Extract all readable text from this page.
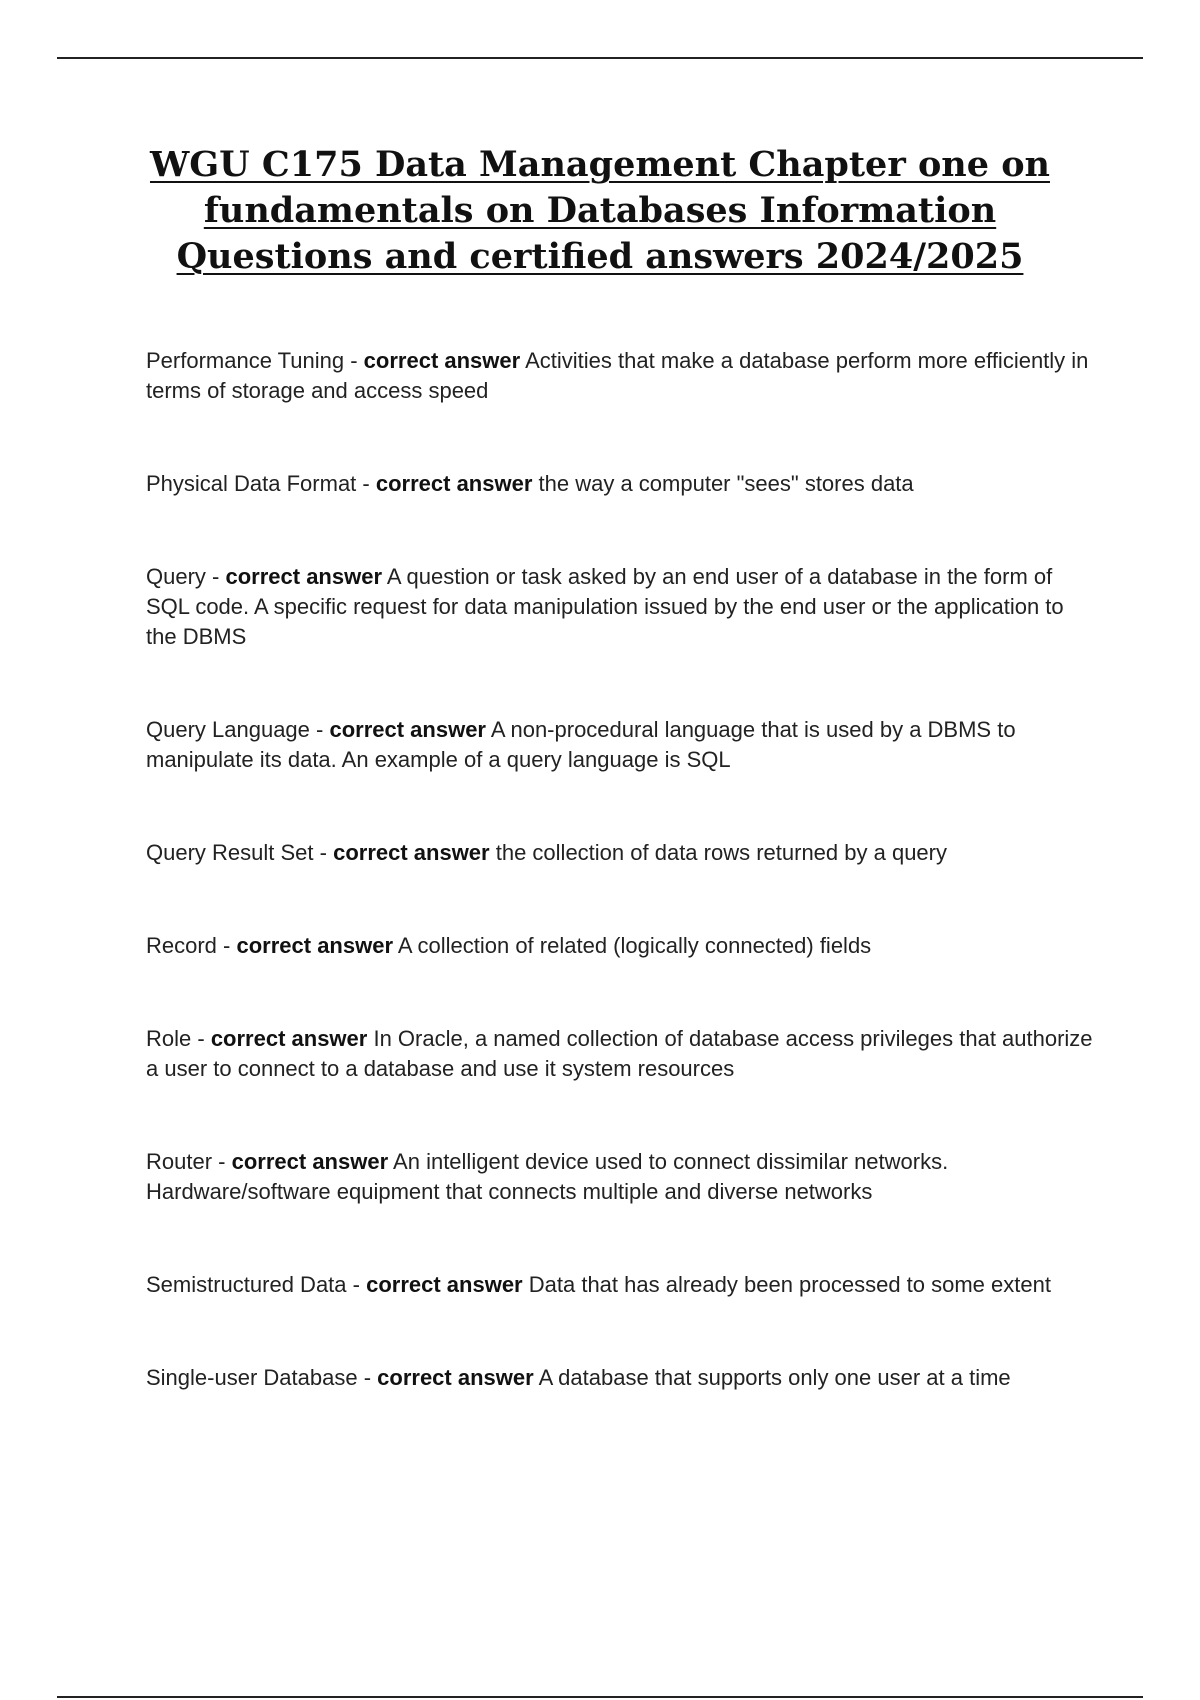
WGU C175 Data Management Chapter one on fundamentals on Databases Information Questions and certified answers 2024/2025

Performance Tuning - correct answer Activities that make a database perform more efficiently in terms of storage and access speed

Physical Data Format - correct answer the way a computer "sees" stores data

Query - correct answer A question or task asked by an end user of a database in the form of SQL code. A specific request for data manipulation issued by the end user or the application to the DBMS

Query Language - correct answer A non-procedural language that is used by a DBMS to manipulate its data. An example of a query language is SQL

Query Result Set - correct answer the collection of data rows returned by a query

Record - correct answer A collection of related (logically connected) fields

Role - correct answer In Oracle, a named collection of database access privileges that authorize a user to connect to a database and use it system resources

Router - correct answer An intelligent device used to connect dissimilar networks. Hardware/software equipment that connects multiple and diverse networks

Semistructured Data - correct answer Data that has already been processed to some extent

Single-user Database - correct answer A database that supports only one user at a time
